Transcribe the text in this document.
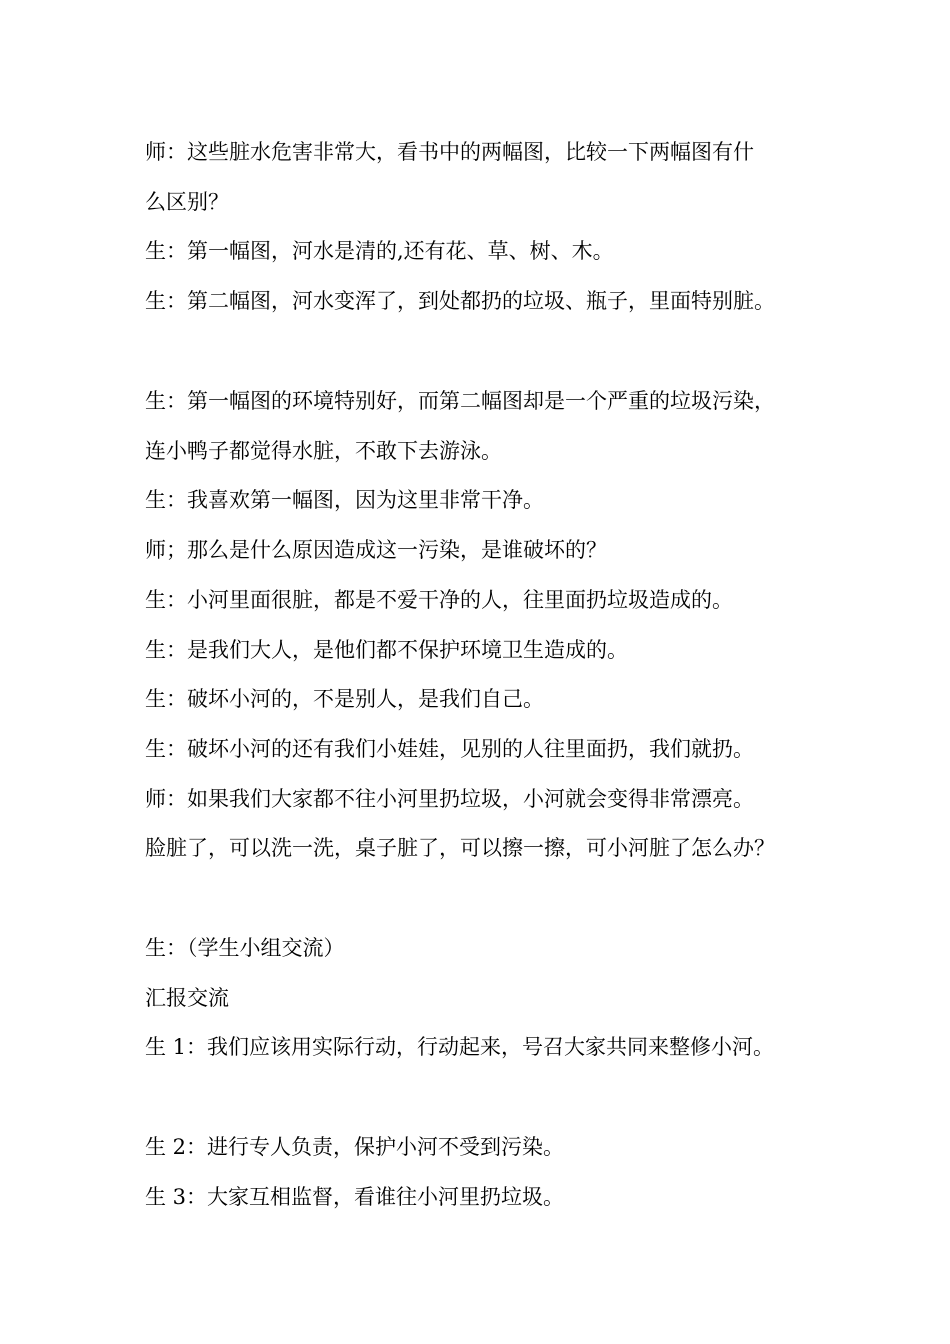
师：这些脏水危害非常大，看书中的两幅图，比较一下两幅图有什
么区别？
生：第一幅图，河水是清的,还有花、草、树、木。
生：第二幅图，河水变浑了，到处都扔的垃圾、瓶子，里面特别脏。
生：第一幅图的环境特别好，而第二幅图却是一个严重的垃圾污染，
连小鸭子都觉得水脏，不敢下去游泳。
生：我喜欢第一幅图，因为这里非常干净。
师；那么是什么原因造成这一污染，是谁破坏的？
生：小河里面很脏，都是不爱干净的人，往里面扔垃圾造成的。
生：是我们大人，是他们都不保护环境卫生造成的。
生：破坏小河的，不是别人，是我们自己。
生：破坏小河的还有我们小娃娃，见别的人往里面扔，我们就扔。
师：如果我们大家都不往小河里扔垃圾，小河就会变得非常漂亮。
脸脏了，可以洗一洗，桌子脏了，可以擦一擦，可小河脏了怎么办？
生：（学生小组交流）
汇报交流
生 1：我们应该用实际行动，行动起来，号召大家共同来整修小河。
生 2：进行专人负责，保护小河不受到污染。
生 3：大家互相监督，看谁往小河里扔垃圾。
